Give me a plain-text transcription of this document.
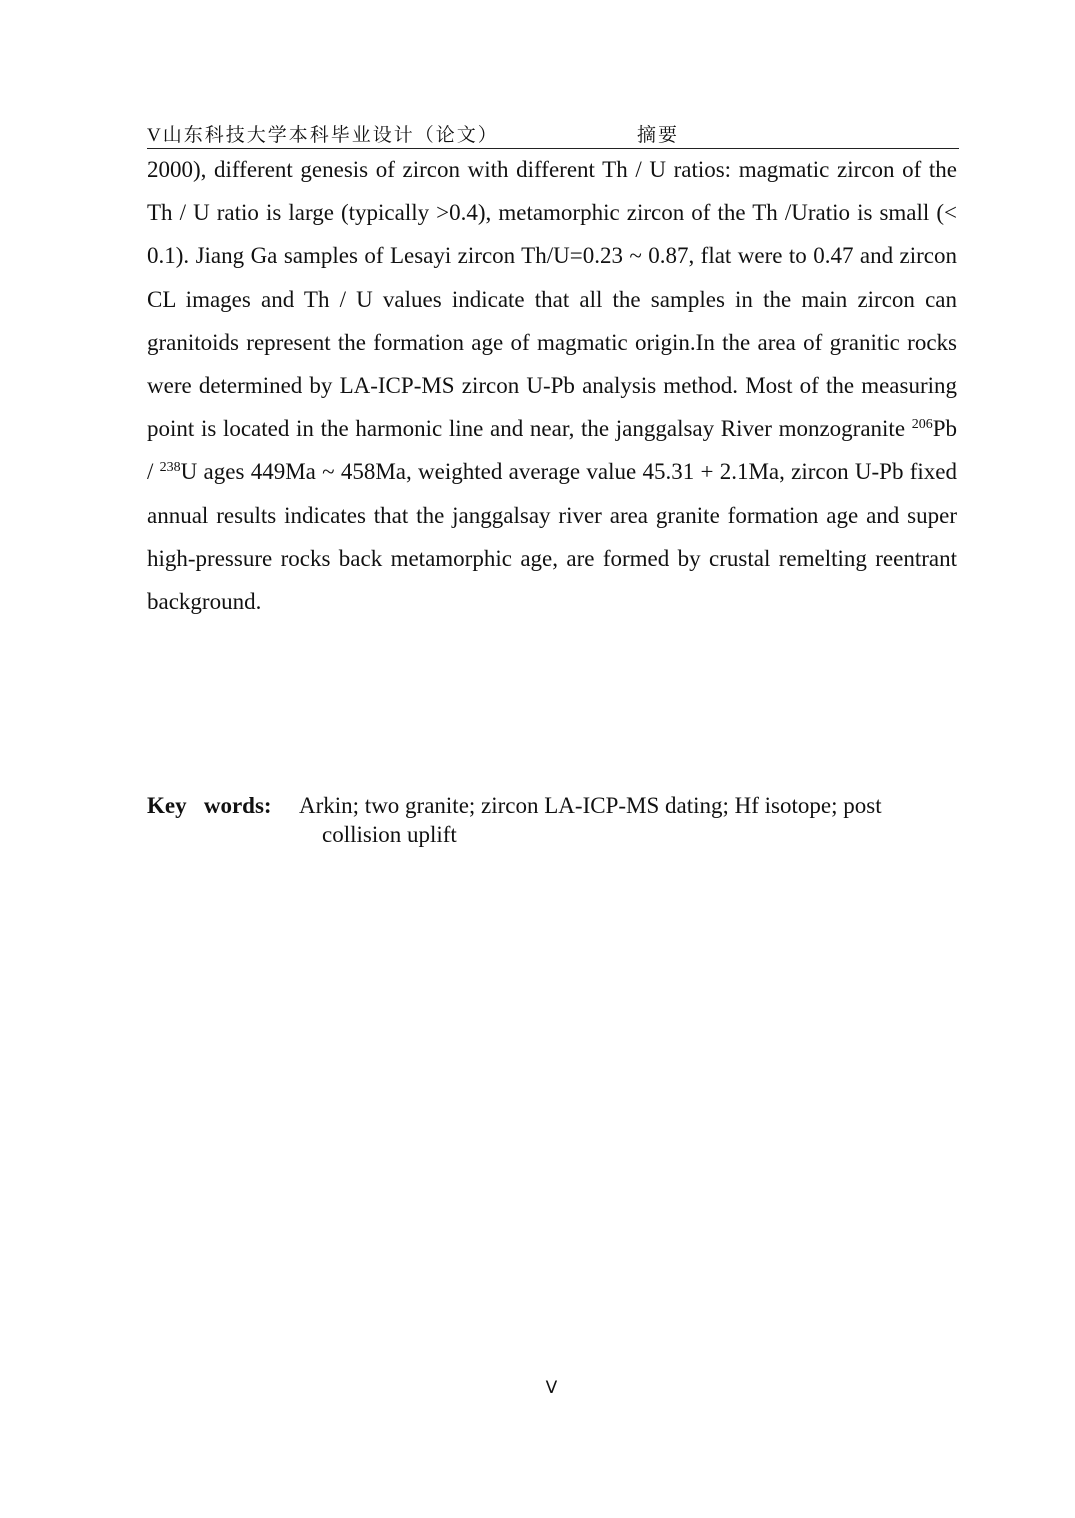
V山东科技大学本科毕业设计（论文）	摘要

2000), different genesis of zircon with different Th / U ratios: magmatic zircon of the Th / U ratio is large (typically >0.4), metamorphic zircon of the Th /Uratio is small (< 0.1). Jiang Ga samples of Lesayi zircon Th/U=0.23 ~ 0.87, flat were to 0.47 and zircon CL images and Th / U values indicate that all the samples in the main zircon can granitoids represent the formation age of magmatic origin.In the area of granitic rocks were determined by LA-ICP-MS zircon U-Pb analysis method. Most of the measuring point is located in the harmonic line and near, the janggalsay River monzogranite $^{206}$Pb / $^{238}$U ages 449Ma ~ 458Ma, weighted average value 45.31 + 2.1Ma, zircon U-Pb fixed annual results indicates that the janggalsay river area granite formation age and super high-pressure rocks back metamorphic age, are formed by crustal remelting reentrant background.

Key   words:	Arkin; two granite; zircon LA-ICP-MS dating; Hf isotope; post
collision uplift
V
